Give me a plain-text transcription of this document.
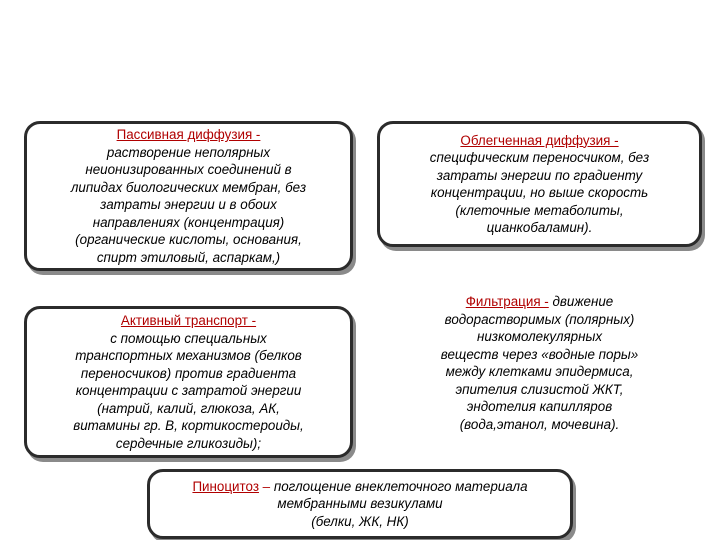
Пассивная диффузия -

растворение неполярных

неионизированных соединений в

липидах биологических мембран, без

затраты энергии и в обоих

направлениях (концентрация)

(органические кислоты, основания,

спирт этиловый, аспаркам,)

Облегченная диффузия -

специфическим переносчиком, без

затраты энергии по градиенту

концентрации, но выше скорость

(клеточные метаболиты,

цианкобаламин).

Активный транспорт -

с помощью специальных

транспортных механизмов (белков

переносчиков) против градиента

концентрации с затратой энергии

(натрий, калий, глюкоза, АК,

витамины гр. В, кортикостероиды,

сердечные гликозиды);

Фильтрация - движение

водорастворимых (полярных)

низкомолекулярных

веществ через «водные поры»

между клетками эпидермиса,

эпителия слизистой ЖКТ,

эндотелия капилляров

(вода,этанол, мочевина).

Пиноцитоз – поглощение внеклеточного материала

мембранными везикулами

(белки, ЖК, НК)
